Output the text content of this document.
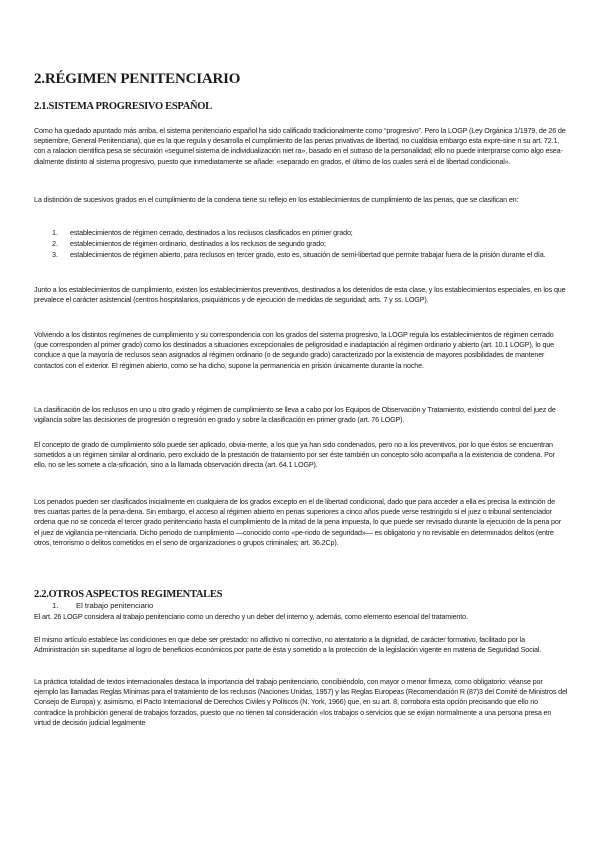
2.RÉGIMEN PENITENCIARIO
2.1.SISTEMA PROGRESIVO ESPAÑOL

Como ha quedado apuntado más arriba, el sistema penitenciario español ha sido calificado tradicionalmente como “progresivo”. Pero la LOGP (Ley Orgánica 1/1979, de 26 de septiembre, General Penitenciaria), que es la que regula y desarrolla el cumplimiento de las penas privativas de libertad, no cualdisia embargo esta expre-sine n su art. 72.1, con a ralacion cientifica pesa se sécuraión «seguinel sistema de individualización niet ra», basado en el sutraso de la personalidad; ello no puede interprarse como algo esea-dialmente distinto al sistema progresivo, puesto que inmediatamente se añade: «separado en grados, el último de los cuales será el de libertad condicional».

La distinción de sucesivos grados en el cumplimiento de la condena tiene su reflejo en los establecimientos de cumplimiento de las penas, que se clasifican en:

1. establecimientos de régimen cerrado, destinados a los reclusos clasificados en primer grado;
2. establecimientos de régimen ordinario, destinados a los reclusos de segundo grado;
3. establecimientos de régimen abierto, para reclusos en tercer grado, esto es, situación de semi-libertad que permite trabajar fuera de la prisión durante el día.

Junto a los establecimientos de cumplimiento, existen los establecimientos preventivos, destinados a los detenidos de esta clase, y los establecimientos especiales, en los que prevalece el carácter asistencial (centros hospitalarios, psiquiátricos y de ejecución de medidas de seguridad; arts. 7 y ss. LOGP).

Volviendo a los distintos regímenes de cumplimiento y su correspondencia con los grados del sistema progresivo, la LOGP regula los establecimientos de régimen cerrado (que corresponden al primer grado) como los destinados a situaciones excepcionales de peligrosidad e inadaptación al régimen ordinario y abierto (art. 10.1 LOGP), lo que conduce a que la mayoría de reclusos sean asignados al régimen ordinario (o de segundo grado) caracterizado por la existencia de mayores posibilidades de mantener contactos con el exterior. El régimen abierto, como se ha dicho, supone la permanencia en prisión únicamente durante la noche.

La clasificación de los reclusos en uno u otro grado y régimen de cumplimiento se lleva a cabo por los Equipos de Observación y Tratamiento, existiendo control del juez de vigilancia sobre las decisiones de progresión o regresión en grado y sobre la clasificación en primer grado (art. 76 LOGP).

El concepto de grado de cumplimiento sólo puede ser aplicado, obvia-mente, a los que ya han sido condenados, pero no a los preventivos, por lo que éstos se encuentran sometidos a un régimen similar al ordinario, pero excluido de la prestación de tratamiento por ser éste también un concepto sólo acompaña a la existencia de condena. Por ello, no se les somete a cla-sificación, sino a la llamada observación directa (art. 64.1 LOGP).

Los penados pueden ser clasificados inicialmente en cualquiera de los grados excepto en el de libertad condicional, dado que para acceder a ella es precisa la extinción de tres cuartas partes de la pena-dena. Sin embargo, el acceso al régimen abierto en penas superiores a cinco años puede verse restringido si el juez o tribunal sentenciador ordena que no se conceda el tercer grado penitenciario hasta el cumplimiento de la mitad de la pena impuesta, lo que puede ser revisado durante la ejecución de la pena por el juez de vigilancia pe-nitenciaria. Dicho periodo de cumplimiento —conocido como «pe-riodo de seguridad»— es obligatorio y no revisable en determinados delitos (entre otros, terrorismo o delitos cometidos en el seno de organizaciones o grupos criminales; art. 36.2Cp).

2.2.OTROS ASPECTOS REGIMENTALES
1. El trabajo penitenciario

El art. 26 LOGP considera al trabajo penitenciario como un derecho y un deber del interno y, además, como elemento esencial del tratamiento.

El mismo artículo establece las condiciones en que debe ser prestado: no aflictivo ni correctivo, no atentatorio a la dignidad, de carácter formativo, facilitado por la Administración sin supeditarse al logro de beneficios económicos por parte de ésta y sometido a la protección de la legislación vigente en materia de Seguridad Social.

La práctica totalidad de textos internacionales destaca la importancia del trabajo penitenciario, concibiéndolo, con mayor o menor firmeza, como obligatorio: véanse por ejemplo las llamadas Reglas Mínimas para el tratamiento de los reclusos (Naciones Unidas, 1957) y las Reglas Europeas (Recomendación R (87)3 del Comité de Ministros del Consejo de Europa) y, asimismo, el Pacto Internacional de Derechos Civiles y Políticos (N. York, 1966) que, en su art. 8, corrobora esta opción precisando que ello no contradice la prohibición general de trabajos forzados, puesto que no tienen tal consideración «los trabajos o servicios que se exijan normalmente a una persona presa en virtud de decisión judicial legalmente
